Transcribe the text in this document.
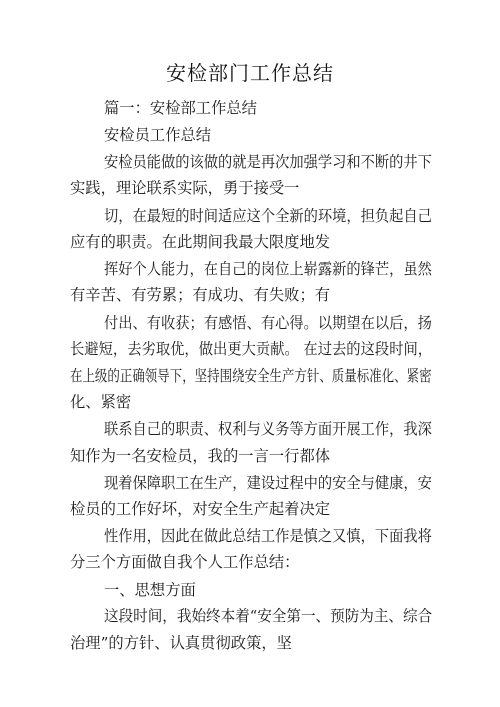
安检部门工作总结
篇一：安检部工作总结
安检员工作总结
安检员能做的该做的就是再次加强学习和不断的井下
实践，理论联系实际，勇于接受一
切，在最短的时间适应这个全新的环境，担负起自己
应有的职责。在此期间我最大限度地发
挥好个人能力，在自己的岗位上崭露新的锋芒，虽然
有辛苦、有劳累；有成功、有失败；有
付出、有收获；有感悟、有心得。以期望在以后，扬
长避短，去劣取优，做出更大贡献。 在过去的这段时间，
在上级的正确领导下，坚持围绕安全生产方针、质量标准化、紧密
化、紧密
联系自己的职责、权利与义务等方面开展工作，我深
知作为一名安检员，我的一言一行都体
现着保障职工在生产，建设过程中的安全与健康，安
检员的工作好坏，对安全生产起着决定
性作用，因此在做此总结工作是慎之又慎，下面我将
分三个方面做自我个人工作总结：
一、思想方面
这段时间，我始终本着“安全第一、预防为主、综合
治理”的方针、认真贯彻政策，坚
